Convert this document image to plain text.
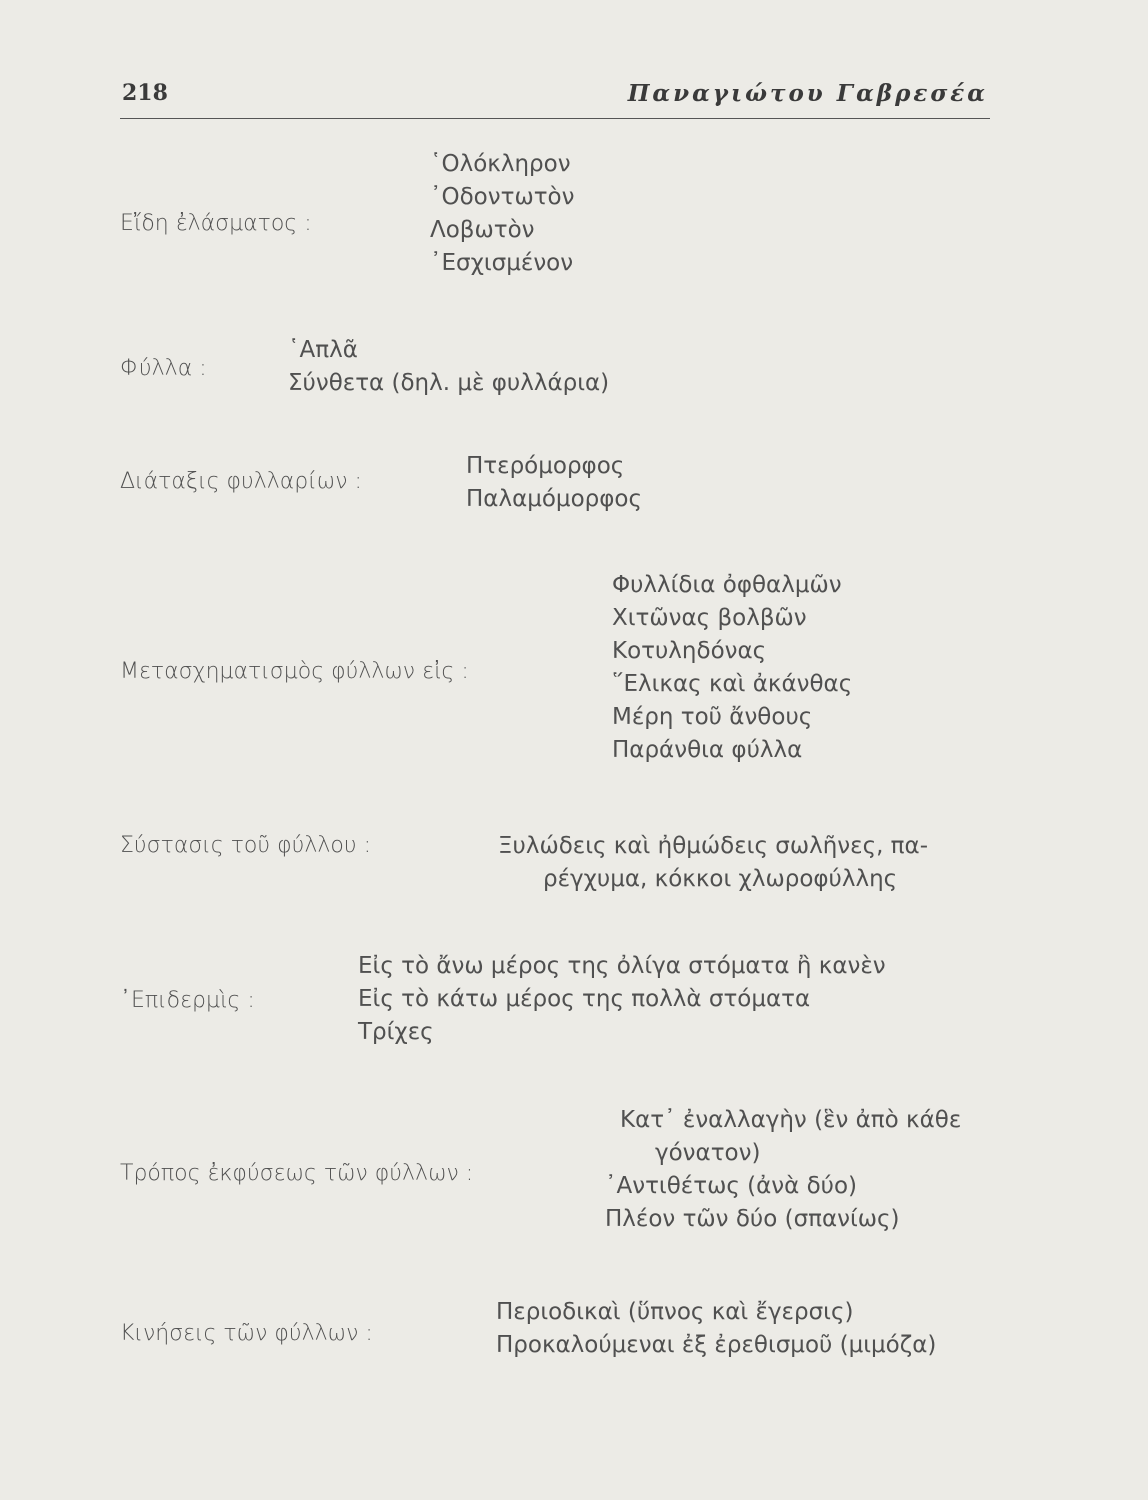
218	Παναγιώτου Γαβρεσέα
Εἴδη ἐλάσματος :
῾Ολόκληρον
᾿Οδοντωτὸν
Λοβωτὸν
᾿Εσχισμένον
Φύλλα :
῾Απλᾶ
Σύνθετα (δηλ. μὲ φυλλάρια)
Διάταξις φυλλαρίων :
Πτερόμορφος
Παλαμόμορφος
Μετασχηματισμὸς φύλλων εἰς :
Φυλλίδια ὀφθαλμῶν
Χιτῶνας βολβῶν
Κοτυληδόνας
῞Ελικας καὶ ἀκάνθας
Μέρη τοῦ ἄνθους
Παράνθια φύλλα
Σύστασις τοῦ φύλλου :	Ξυλώδεις καὶ ἠθμώδεις σωλῆνες, πα-
ρέγχυμα, κόκκοι χλωροφύλλης
᾿Επιδερμὶς :
Εἰς τὸ ἄνω μέρος της ὀλίγα στόματα ἢ κανὲν
Εἰς τὸ κάτω μέρος της πολλὰ στόματα
Τρίχες
Τρόπος ἐκφύσεως τῶν φύλλων :
Κατ᾿ ἐναλλαγὴν (ἓν ἀπὸ κάθε
γόνατον)
᾿Αντιθέτως (ἀνὰ δύο)
Πλέον τῶν δύο (σπανίως)
Κινήσεις τῶν φύλλων :
Περιοδικαὶ (ὕπνος καὶ ἔγερσις)
Προκαλούμεναι ἐξ ἐρεθισμοῦ (μιμόζα)
